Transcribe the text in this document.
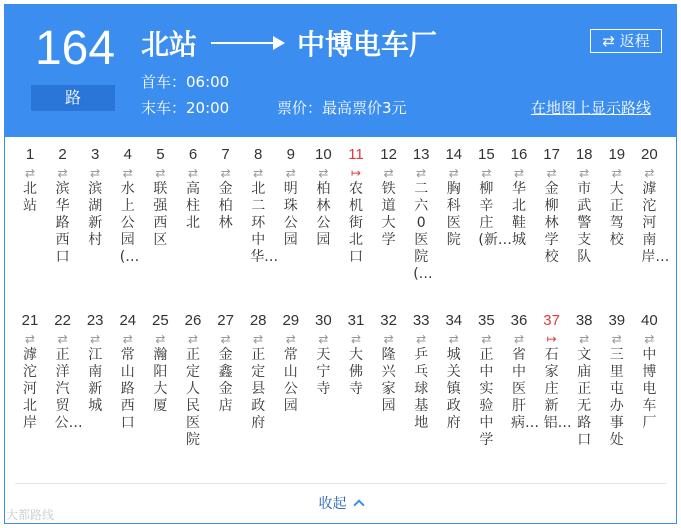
164
路
北站	中博电车厂
首车：06:00
末车：20:00	票价：最高票价3元
⇄ 返程
在地图上显示路线
1
⇄
北站
2
⇄
滨华路西口
3
⇄
滨湖新村
4
⇄
水上公园(…
5
⇄
联强西区
6
⇄
高柱北
7
⇄
金柏林
8
⇄
北二环中华…
9
⇄
明珠公园
10
⇄
柏林公园
11
↦
农机街北口
12
⇄
铁道大学
13
⇄
二六0医院(…
14
⇄
胸科医院
15
⇄
柳辛庄(新…
16
⇄
华北鞋城
17
⇄
金柳林学校
18
⇄
市武警支队
19
⇄
大正驾校
20
⇄
滹沱河南岸…
21
⇄
滹沱河北岸
22
⇄
正洋汽贸公…
23
⇄
江南新城
24
⇄
常山路西口
25
⇄
瀚阳大厦
26
⇄
正定人民医院
27
⇄
金鑫金店
28
⇄
正定县政府
29
⇄
常山公园
30
⇄
天宁寺
31
⇄
大佛寺
32
⇄
隆兴家园
33
⇄
乒乓球基地
34
⇄
城关镇政府
35
⇄
正中实验中学
36
⇄
省中医肝病…
37
↦
石家庄新铝…
38
⇄
文庙正无路口
39
⇄
三里屯办事处
40
⇄
中博电车厂
收起
大都路线
